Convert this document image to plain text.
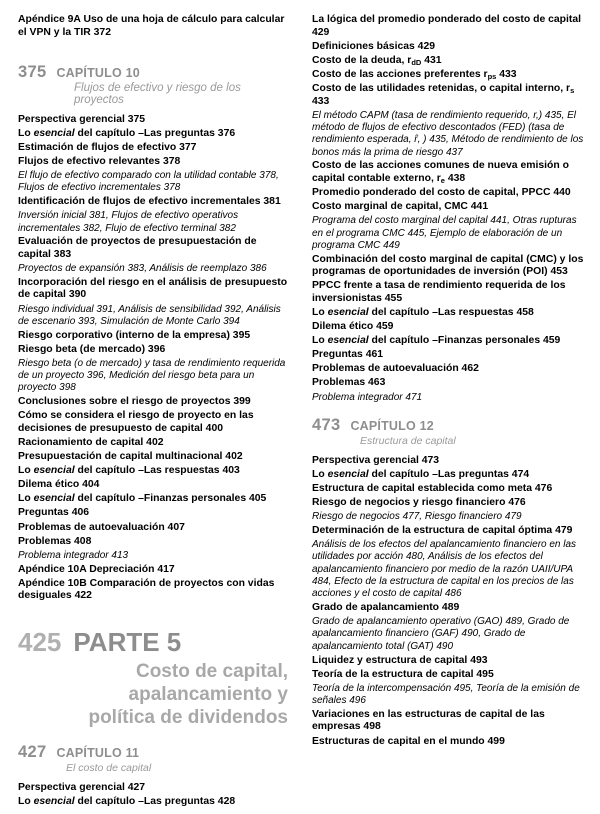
Apéndice 9A Uso de una hoja de cálculo para calcular el VPN y la TIR 372
375 CAPÍTULO 10
Flujos de efectivo y riesgo de los proyectos
Perspectiva gerencial 375
Lo esencial del capítulo –Las preguntas 376
Estimación de flujos de efectivo 377
Flujos de efectivo relevantes 378
El flujo de efectivo comparado con la utilidad contable 378, Flujos de efectivo incrementales 378
Identificación de flujos de efectivo incrementales 381
Inversión inicial 381, Flujos de efectivo operativos incrementales 382, Flujo de efectivo terminal 382
Evaluación de proyectos de presupuestación de capital 383
Proyectos de expansión 383, Análisis de reemplazo 386
Incorporación del riesgo en el análisis de presupuesto de capital 390
Riesgo individual 391, Análisis de sensibilidad 392, Análisis de escenario 393, Simulación de Monte Carlo 394
Riesgo corporativo (interno de la empresa) 395
Riesgo beta (de mercado) 396
Riesgo beta (o de mercado) y tasa de rendimiento requerida de un proyecto 396, Medición del riesgo beta para un proyecto 398
Conclusiones sobre el riesgo de proyectos 399
Cómo se considera el riesgo de proyecto en las decisiones de presupuesto de capital 400
Racionamiento de capital 402
Presupuestación de capital multinacional 402
Lo esencial del capítulo –Las respuestas 403
Dilema ético 404
Lo esencial del capítulo –Finanzas personales 405
Preguntas 406
Problemas de autoevaluación 407
Problemas 408
Problema integrador 413
Apéndice 10A Depreciación 417
Apéndice 10B Comparación de proyectos con vidas desiguales 422
425 PARTE 5
Costo de capital,
apalancamiento y
política de dividendos
427 CAPÍTULO 11
El costo de capital
Perspectiva gerencial 427
Lo esencial del capítulo –Las preguntas 428
La lógica del promedio ponderado del costo de capital 429
Definiciones básicas 429
Costo de la deuda, $r_{dD}$ 431
Costo de las acciones preferentes $r_{ps}$ 433
Costo de las utilidades retenidas, o capital interno, $r_s$ 433
El método CAPM (tasa de rendimiento requerido, r,) 435, El método de flujos de efectivo descontados (FED) (tasa de rendimiento esperada, ȓ, ) 435, Método de rendimiento de los bonos más la prima de riesgo 437
Costo de las acciones comunes de nueva emisión o capital contable externo, $r_e$ 438
Promedio ponderado del costo de capital, PPCC 440
Costo marginal de capital, CMC 441
Programa del costo marginal del capital 441, Otras rupturas en el programa CMC 445, Ejemplo de elaboración de un programa CMC 449
Combinación del costo marginal de capital (CMC) y los programas de oportunidades de inversión (POI) 453
PPCC frente a tasa de rendimiento requerida de los inversionistas 455
Lo esencial del capítulo –Las respuestas 458
Dilema ético 459
Lo esencial del capítulo –Finanzas personales 459
Preguntas 461
Problemas de autoevaluación 462
Problemas 463
Problema integrador 471
473 CAPÍTULO 12
Estructura de capital
Perspectiva gerencial 473
Lo esencial del capítulo –Las preguntas 474
Estructura de capital establecida como meta 476
Riesgo de negocios y riesgo financiero 476
Riesgo de negocios 477, Riesgo financiero 479
Determinación de la estructura de capital óptima 479
Análisis de los efectos del apalancamiento financiero en las utilidades por acción 480, Análisis de los efectos del apalancamiento financiero por medio de la razón UAII/UPA 484, Efecto de la estructura de capital en los precios de las acciones y el costo de capital 486
Grado de apalancamiento 489
Grado de apalancamiento operativo (GAO) 489, Grado de apalancamiento financiero (GAF) 490, Grado de apalancamiento total (GAT) 490
Liquidez y estructura de capital 493
Teoría de la estructura de capital 495
Teoría de la intercompensación 495, Teoría de la emisión de señales 496
Variaciones en las estructuras de capital de las empresas 498
Estructuras de capital en el mundo 499
